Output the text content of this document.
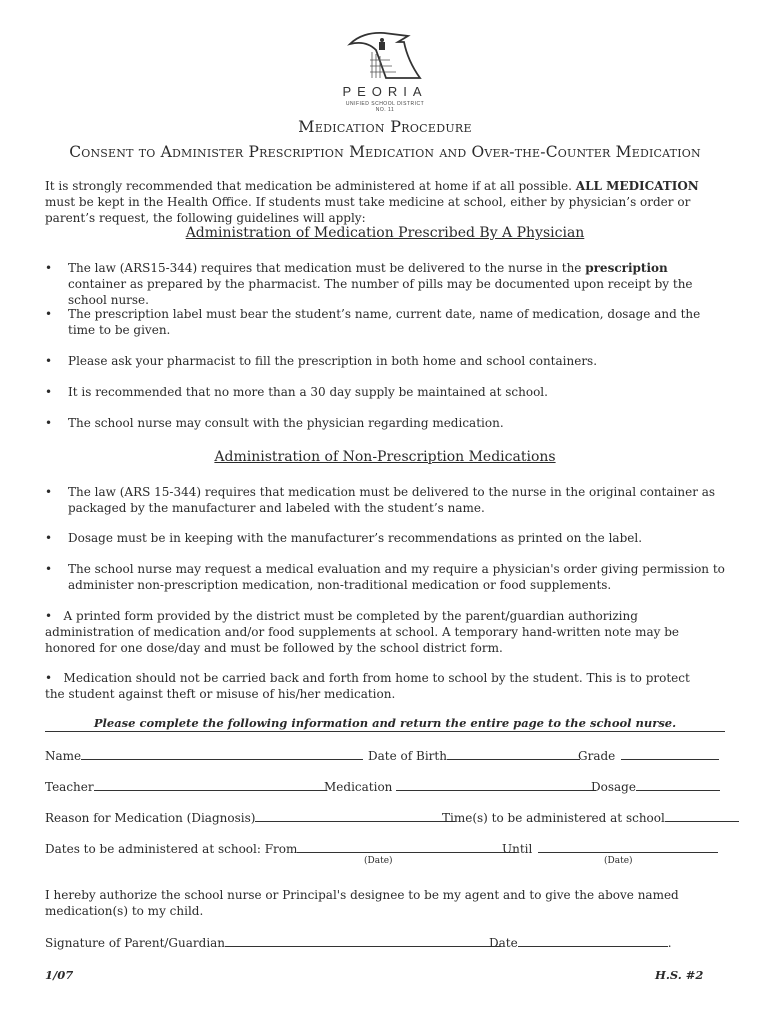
PEORIA
UNIFIED SCHOOL DISTRICT NO. 11
Medication Procedure
Consent to Administer Prescription Medication and Over-the-Counter Medication
It is strongly recommended that medication be administered at home if at all possible. ALL MEDICATION must be kept in the Health Office. If students must take medicine at school, either by physician’s order or parent’s request, the following guidelines will apply:
Administration of Medication Prescribed By A Physician
• The law (ARS15-344) requires that medication must be delivered to the nurse in the prescription container as prepared by the pharmacist. The number of pills may be documented upon receipt by the school nurse.
• The prescription label must bear the student’s name, current date, name of medication, dosage and the time to be given.
• Please ask your pharmacist to fill the prescription in both home and school containers.
• It is recommended that no more than a 30 day supply be maintained at school.
• The school nurse may consult with the physician regarding medication.
Administration of Non-Prescription Medications
• The law (ARS 15-344) requires that medication must be delivered to the nurse in the original container as packaged by the manufacturer and labeled with the student’s name.
• Dosage must be in keeping with the manufacturer’s recommendations as printed on the label.
• The school nurse may request a medical evaluation and my require a physician's order giving permission to administer non-prescription medication, non-traditional medication or food supplements.
• A printed form provided by the district must be completed by the parent/guardian authorizing administration of medication and/or food supplements at school. A temporary hand-written note may be honored for one dose/day and must be followed by the school district form.
• Medication should not be carried back and forth from home to school by the student. This is to protect the student against theft or misuse of his/her medication.
Please complete the following information and return the entire page to the school nurse.
Name	Date of Birth	Grade
Teacher	Medication	Dosage
Reason for Medication (Diagnosis)	Time(s) to be administered at school
Dates to be administered at school: From	Until
(Date)	(Date)
I hereby authorize the school nurse or Principal's designee to be my agent and to give the above named medication(s) to my child.
Signature of Parent/Guardian	Date	.
1/07	H.S. #2
